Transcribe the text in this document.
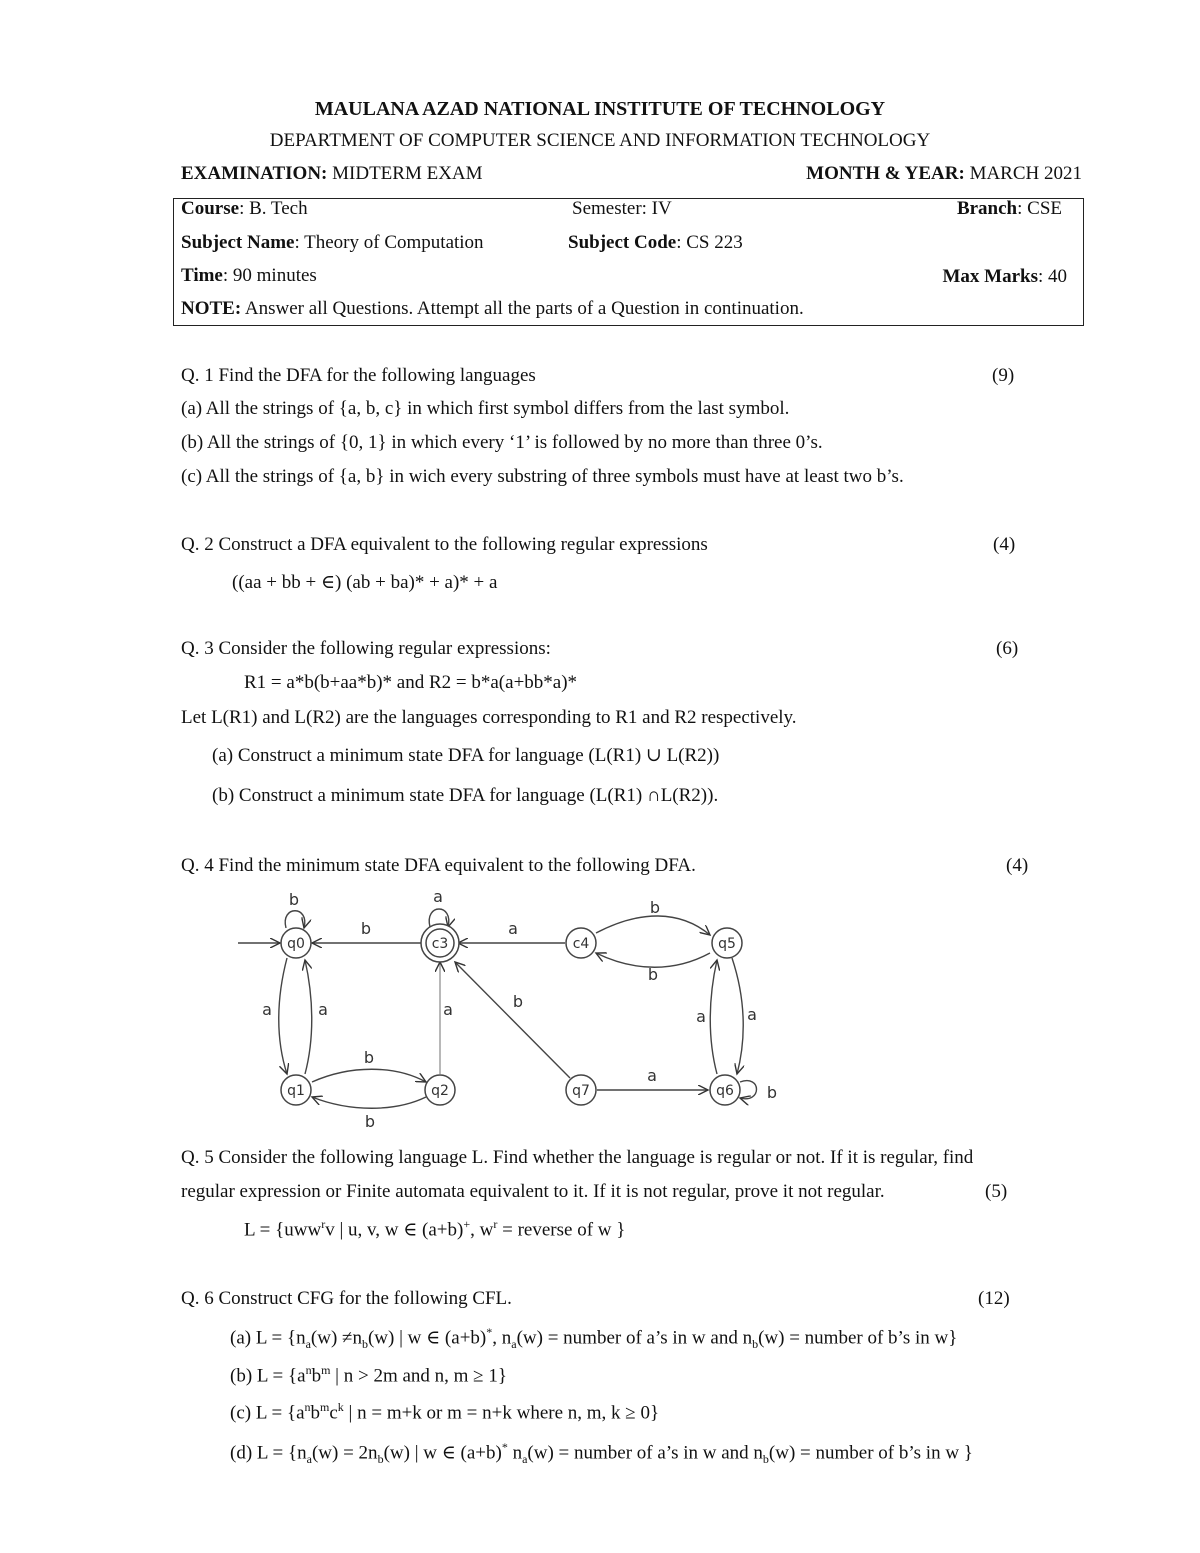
MAULANA AZAD NATIONAL INSTITUTE OF TECHNOLOGY
DEPARTMENT OF COMPUTER SCIENCE AND INFORMATION TECHNOLOGY
EXAMINATION: MIDTERM EXAM	MONTH & YEAR: MARCH 2021
Course: B. Tech	Semester: IV	Branch: CSE
Subject Name: Theory of Computation	Subject Code: CS 223
Time: 90 minutes	Max Marks: 40
NOTE: Answer all Questions. Attempt all the parts of a Question in continuation.
Q. 1 Find the DFA for the following languages	(9)
(a) All the strings of {a, b, c} in which first symbol differs from the last symbol.
(b) All the strings of {0, 1} in which every ‘1’ is followed by no more than three 0’s.
(c) All the strings of {a, b} in wich every substring of three symbols must have at least two b’s.
Q. 2 Construct a DFA equivalent to the following regular expressions	(4)
((aa + bb + ∈) (ab + ba)* + a)* + a
Q. 3 Consider the following regular expressions:	(6)
R1 = a*b(b+aa*b)* and R2 = b*a(a+bb*a)*
Let L(R1) and L(R2) are the languages corresponding to R1 and R2 respectively.
(a) Construct a minimum state DFA for language (L(R1) ∪ L(R2))
(b) Construct a minimum state DFA for language (L(R1) ∩L(R2)).
Q. 4 Find the minimum state DFA equivalent to the following DFA.	(4)
q0	c3	c4	q5
q1	q2	q7	q6
b
b
a
a
b
b
a	a	a	b
a	a
b
b
a
b
Q. 5 Consider the following language L. Find whether the language is regular or not. If it is regular, find
regular expression or Finite automata equivalent to it. If it is not regular, prove it not regular.	(5)
L = {uww$^r$v | u, v, w ∈ (a+b)+, $w^r$ = reverse of w }
Q. 6 Construct CFG for the following CFL.	(12)
(a) $L = \{n_a(w) \ne n_b(w)$ | w ∈ (a+b)*, $n_a(w)$ = number of a’s in w and $n_b(w)$ = number of b’s in w}
(b) $L = \{a^nb^m$ | n > 2m and n, m ≥ 1}
(c) $L = \{a^nb^mc^k$ | n = m+k or m = n+k where n, m, k ≥ 0}
(d) $L = \{n_a(w) = 2n_b(w)$ | w ∈ (a+b)* $n_a(w)$ = number of a’s in w and $n_b(w)$ = number of b’s in w }
